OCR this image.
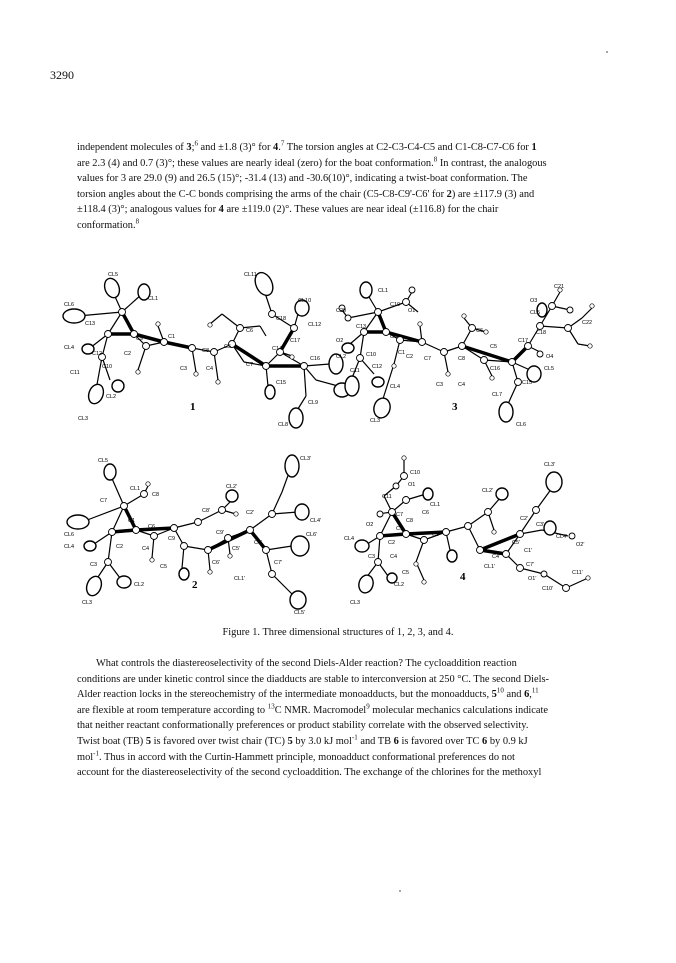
3290

independent molecules of 3;$^6$ and ±1.8 (3)° for 4.$^7$ The torsion angles at C2-C3-C4-C5 and C1-C8-C7-C6 for 1

are 2.3 (4) and 0.7 (3)°; these values are nearly ideal (zero) for the boat conformation.$^8$ In contrast, the analogous

values for 3 are 29.0 (9) and 26.5 (15)°; -31.4 (13) and -30.6(10)°, indicating a twist-boat conformation. The

torsion angles about the C-C bonds comprising the arms of the chair (C5-C8-C9'-C6' for 2) are ±117.9 (3) and

±118.4 (3)°; analogous values for 4 are ±119.0 (2)°. These values are near ideal (±116.8) for the chair

conformation.$^8$

CL5
CL6
CL1
C13
C9	C1
CL4
C12	C2
C10
C11
CL2
CL3
C3	C4
C8
C5
C6
C7
CL11
CL10
C18
CL12
C17
C14
C16
C15
CL9
CL8
1
CL1
C19
O1
C20
C13
C9
O2
C1
CL2	C10
C11
C12
CL4
C2 C7
C3	C4
C8
C6
C5
C21
O3
CL5
C18
C22
C17
O4
C16	CL5
C15
CL7
CL3
CL6
3
CL5
CL1
C7
C8
CL6
C1
C6
C9
CL4	C2
C3
C4
CL2
C5
CL3
CL2'
C8'
C9'
C2'
CL3'
CL4'
C5'
C1'
CL6'
C7'
C6'
CL1'
CL5'
2
C10
O1
C11
CL1
C7
O2
C8
C6
C1
CL4
C2
C3	C4
C9
C5
CL2
CL3
CL2'
C3'
CL3'
C2'
C5'
CL4'
C1'
O2'
C7'
C4'
CL1'
O1'
C11'
C10'
4
Figure 1. Three dimensional structures of 1, 2, 3, and 4.

What controls the diastereoselectivity of the second Diels-Alder reaction? The cycloaddition reaction

conditions are under kinetic control since the diadducts are stable to interconversion at 250 °C. The second Diels-

Alder reaction locks in the stereochemistry of the intermediate monoadducts, but the monoadducts, $5^{10}$ and 6,11

are flexible at room temperature according to $^{13}$C NMR. Macromodel$^9$ molecular mechanics calculations indicate

that neither reactant conformationally preferences or product stability correlate with the observed selectivity.

Twist boat (TB) 5 is favored over twist chair (TC) 5 by 3.0 kJ mol$^{-1}$ and TB 6 is favored over TC 6 by 0.9 kJ

mol$^{-1}$. Thus in accord with the Curtin-Hammett principle, monoadduct conformational preferences do not

account for the diastereoselectivity of the second cycloaddition. The exchange of the chlorines for the methoxyl
